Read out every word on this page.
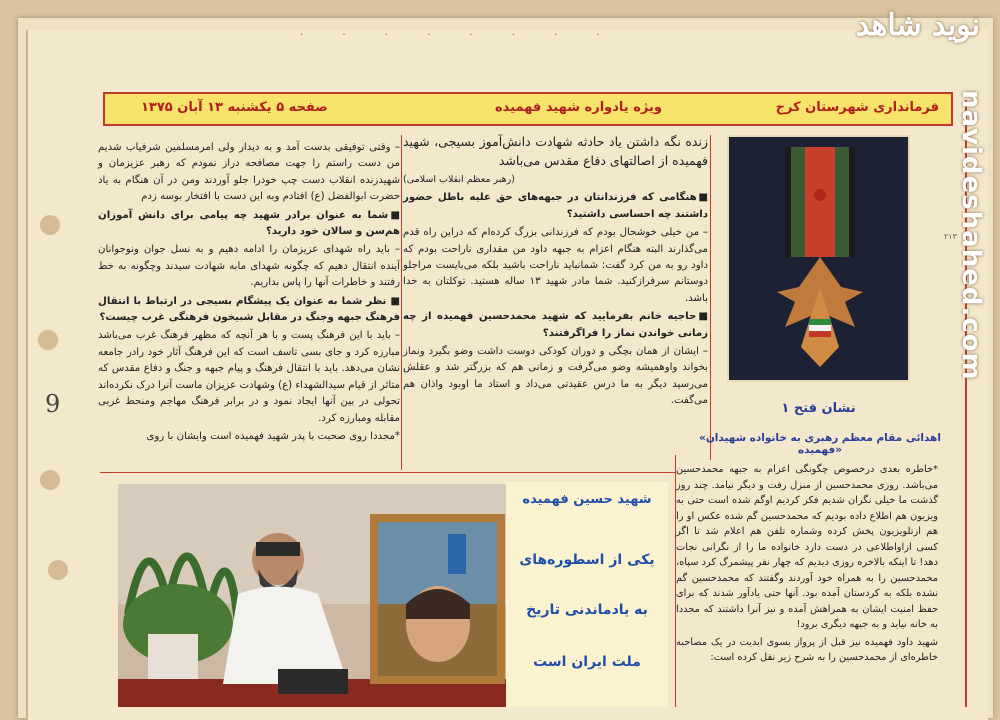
· · · · · · · ·
9
فرمانداری شهرستان کرج
ویژه یادواره شهید فهمیده
صفحه ۵ یکشنبه ۱۳ آبان ۱۳۷۵

– وقتی توفیقی بدست آمد و به دیدار ولی امرمسلمین شرفیاب شدیم من دست راستم را جهت مصافحه دراز نمودم که رهبر عزیزمان و شهیدزنده انقلاب دست چپ خودرا جلو آوردند ومن در آن هنگام به یاد حضرت ابوالفضل (ع) افتادم وبه این دست با افتخار بوسه زدم

■شما به عنوان برادر شهید چه پیامی برای دانش آموزان هم‌سن و سالان خود دارید؟

– باید راه شهدای عزیزمان را ادامه دهیم و به نسل جوان ونوجوانان آینده انتقال دهیم که چگونه شهدای مابه شهادت سیدند وچگونه به خط رفتند و خاطرات آنها را پاس بداریم.

■ نظر شما به عنوان یک پیشگام بسیجی در ارتباط با انتقال فرهنگ جبهه وجنگ در مقابل شبیخون فرهنگی غرب چیست؟

– باید با این فرهنگ پست و با هر آنچه که مظهر فرهنگ غرب می‌باشد مبارزه کرد و جای بسی تاسف است که این فرهنگ آثار خود رادر جامعه نشان می‌دهد. باید با انتقال فرهنگ و پیام جبهه و جنگ و دفاع مقدس که متاثر از قیام سیدالشهداء (ع) وشهادت عزیزان ماست آنرا درک نکرده‌اند تحولی در بین آنها ایجاد نمود و در برابر فرهنگ مهاجم ومنحط غربی مقابله ومبارزه کرد.

*مجددا روی صحبت با پدر شهید فهمیده است وایشان با روی

زنده نگه داشتن یاد حادثه شهادت دانش‌آموز بسیجی، شهید فهمیده از اصالتهای دفاع مقدس می‌باشد

(رهبر معظم انقلاب اسلامی)

■هنگامی که فرزندانتان در جبهه‌های حق علیه باطل حضور داشتند چه احساسی داشتید؟

– من خیلی خوشحال بودم که فرزندانی بزرگ کرده‌ام که دراین راه قدم می‌گذارند البته هنگام اعزام به جبهه داود من مقداری ناراحت بودم که داود رو به من کرد گفت: شمانباید ناراحت باشید بلکه می‌بایست مراجلو دوستانم سرفرازکنید. شما مادر شهید ۱۳ ساله هستید. توکلتان به خدا باشد.

■حاجیه خانم بفرمایید که شهید محمدحسین فهمیده از چه زمانی خواندن نماز را فراگرفتند؟

– ایشان از همان بچگی و دوران کودکی دوست داشت وضو بگیرد ونماز بخواند واوهمیشه وضو می‌گرفت و زمانی هم که بزرگتر شد و عقلش می‌رسید دیگر به ما درس عقیدتی می‌داد و استاد ما اوبود واذان هم می‌گفت.

نشان فتح ۱
«اهدائی مقام معظم رهبری به خانواده شهیدان فهمیده»
۲۱۳

*خاطره بعدی درخصوص چگونگی اعزام به جبهه محمدحسین می‌باشد. روزی محمدحسین از منزل رفت و دیگر نیامد. چند روز گذشت ما خیلی نگران شدیم فکر کردیم اوگم شده است حتی به ویزیون هم اطلاع داده بودیم که محمدحسین گم شده عکس او را هم ازتلویزیون پخش کرده وشماره تلفن هم اعلام شد تا اگر کسی ازاواطلاعی در دست دارد خانواده ما را از نگرانی نجات دهد! تا اینکه بالاخره روزی دیدیم که چهار نفر پیشمرگ کرد سپاه، محمدحسین را به همراه خود آوردند وگفتند که محمدحسین گم نشده بلکه به کردستان آمده بود. آنها حتی یادآور شدند که برای حفظ امنیت ایشان به همراهش آمده و نیز آنرا داشتند که مجددا به خانه نیاید و به جبهه دیگری برود!

شهید داود فهمیده نیز قبل از پرواز بسوی ابدیت در یک مصاحبه خاطره‌ای از محمدحسین را به شرح زیر نقل کرده است:

شهید حسین فهمیده
یکی از اسطوره‌های
به یادماندنی تاریخ
ملت ایران است
نوید شاهد
navideshahed.com
